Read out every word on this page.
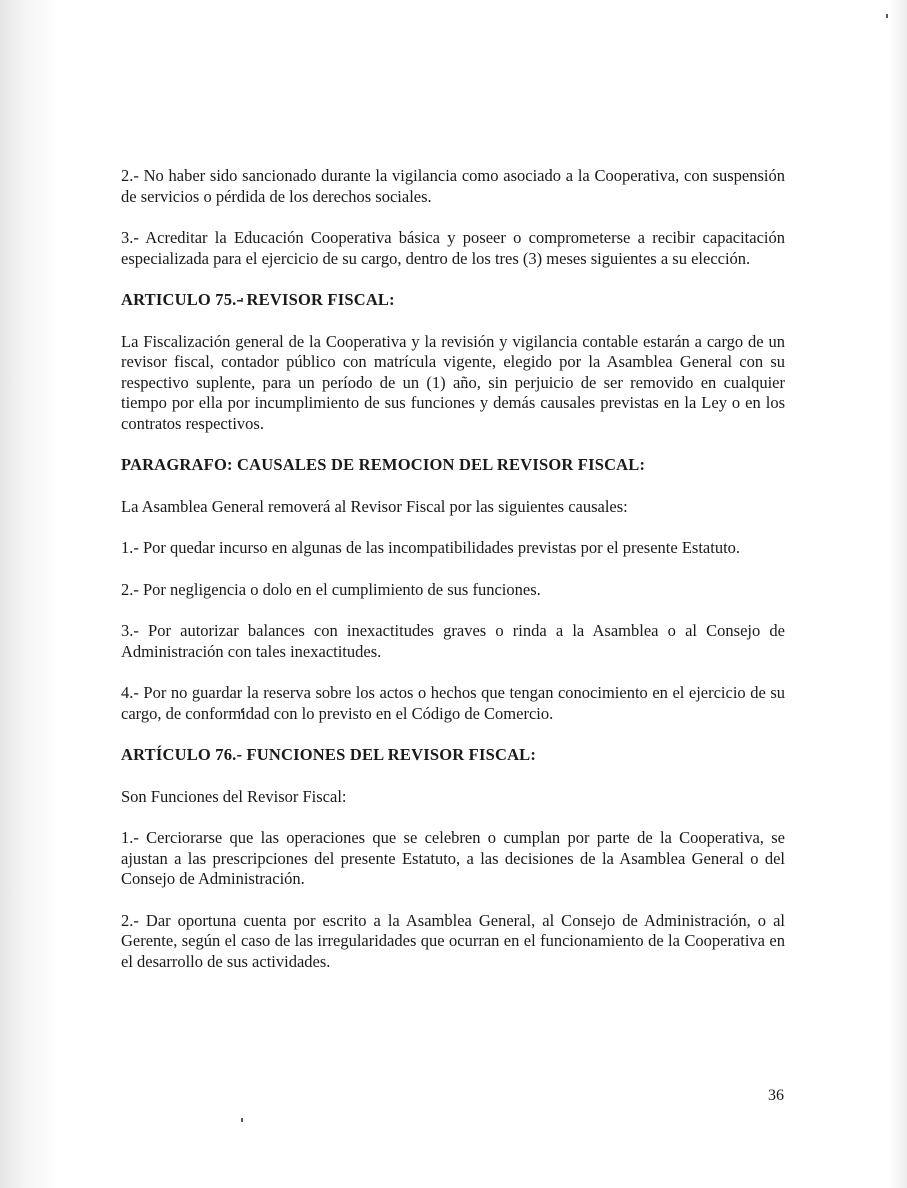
2.- No haber sido sancionado durante la vigilancia como asociado a la Cooperativa, con suspensión de servicios o pérdida de los derechos sociales.

3.- Acreditar la Educación Cooperativa básica y poseer o comprometerse a recibir capacitación especializada para el ejercicio de su cargo, dentro de los tres (3) meses siguientes a su elección.

ARTICULO 75.- REVISOR FISCAL:

La Fiscalización general de la Cooperativa y la revisión y vigilancia contable estarán a cargo de un revisor fiscal, contador público con matrícula vigente, elegido por la Asamblea General con su respectivo suplente, para un período de un (1) año, sin perjuicio de ser removido en cualquier tiempo por ella por incumplimiento de sus funciones y demás causales previstas en la Ley o en los contratos respectivos.

PARAGRAFO: CAUSALES DE REMOCION DEL REVISOR FISCAL:

La Asamblea General removerá al Revisor Fiscal por las siguientes causales:

1.- Por quedar incurso en algunas de las incompatibilidades previstas por el presente Estatuto.

2.- Por negligencia o dolo en el cumplimiento de sus funciones.

3.- Por autorizar balances con inexactitudes graves o rinda a la Asamblea o al Consejo de Administración con tales inexactitudes.

4.- Por no guardar la reserva sobre los actos o hechos que tengan conocimiento en el ejercicio de su cargo, de conformidad con lo previsto en el Código de Comercio.

ARTÍCULO 76.- FUNCIONES DEL REVISOR FISCAL:

Son Funciones del Revisor Fiscal:

1.- Cerciorarse que las operaciones que se celebren o cumplan por parte de la Cooperativa, se ajustan a las prescripciones del presente Estatuto, a las decisiones de la Asamblea General o del Consejo de Administración.

2.- Dar oportuna cuenta por escrito a la Asamblea General, al Consejo de Administración, o al Gerente, según el caso de las irregularidades que ocurran en el funcionamiento de la Cooperativa en el desarrollo de sus actividades.

36
